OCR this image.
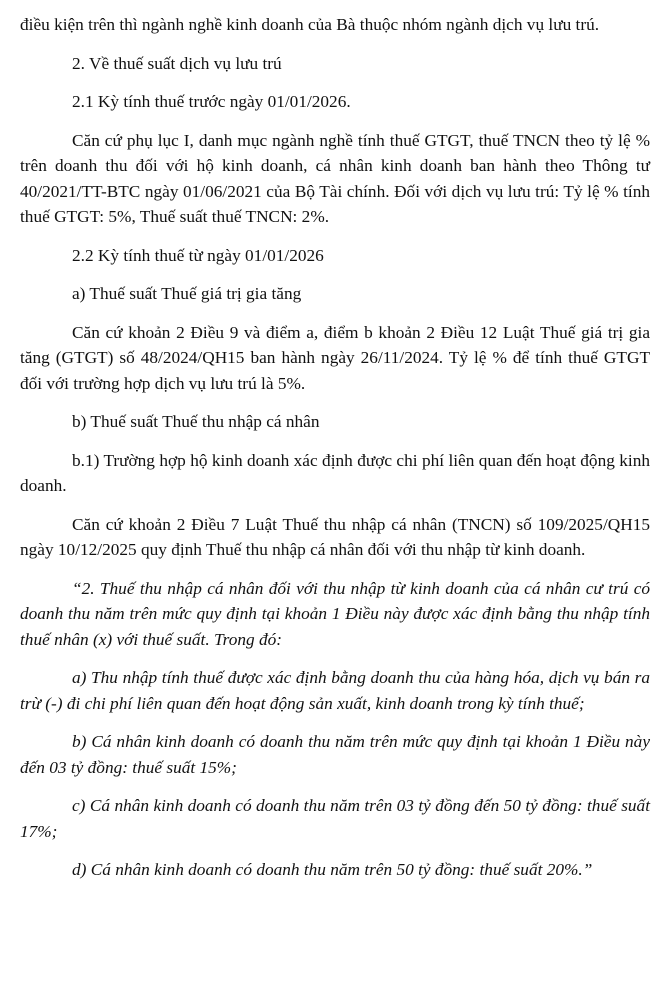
điều kiện trên thì ngành nghề kinh doanh của Bà thuộc nhóm ngành dịch vụ lưu trú.

2. Về thuế suất dịch vụ lưu trú

2.1 Kỳ tính thuế trước ngày 01/01/2026.

Căn cứ phụ lục I, danh mục ngành nghề tính thuế GTGT, thuế TNCN theo tỷ lệ % trên doanh thu đối với hộ kinh doanh, cá nhân kinh doanh ban hành theo Thông tư 40/2021/TT-BTC ngày 01/06/2021 của Bộ Tài chính. Đối với dịch vụ lưu trú: Tỷ lệ % tính thuế GTGT: 5%, Thuế suất thuế TNCN: 2%.

2.2 Kỳ tính thuế từ ngày 01/01/2026

a) Thuế suất Thuế giá trị gia tăng

Căn cứ khoản 2 Điều 9 và điểm a, điểm b khoản 2 Điều 12 Luật Thuế giá trị gia tăng (GTGT) số 48/2024/QH15 ban hành ngày 26/11/2024. Tỷ lệ % để tính thuế GTGT đối với trường hợp dịch vụ lưu trú là 5%.

b) Thuế suất Thuế thu nhập cá nhân

b.1) Trường hợp hộ kinh doanh xác định được chi phí liên quan đến hoạt động kinh doanh.

Căn cứ khoản 2 Điều 7 Luật Thuế thu nhập cá nhân (TNCN) số 109/2025/QH15 ngày 10/12/2025 quy định Thuế thu nhập cá nhân đối với thu nhập từ kinh doanh.

“2. Thuế thu nhập cá nhân đối với thu nhập từ kinh doanh của cá nhân cư trú có doanh thu năm trên mức quy định tại khoản 1 Điều này được xác định bằng thu nhập tính thuế nhân (x) với thuế suất. Trong đó:

a) Thu nhập tính thuế được xác định bằng doanh thu của hàng hóa, dịch vụ bán ra trừ (-) đi chi phí liên quan đến hoạt động sản xuất, kinh doanh trong kỳ tính thuế;

b) Cá nhân kinh doanh có doanh thu năm trên mức quy định tại khoản 1 Điều này đến 03 tỷ đồng: thuế suất 15%;

c) Cá nhân kinh doanh có doanh thu năm trên 03 tỷ đồng đến 50 tỷ đồng: thuế suất 17%;

d) Cá nhân kinh doanh có doanh thu năm trên 50 tỷ đồng: thuế suất 20%.”
